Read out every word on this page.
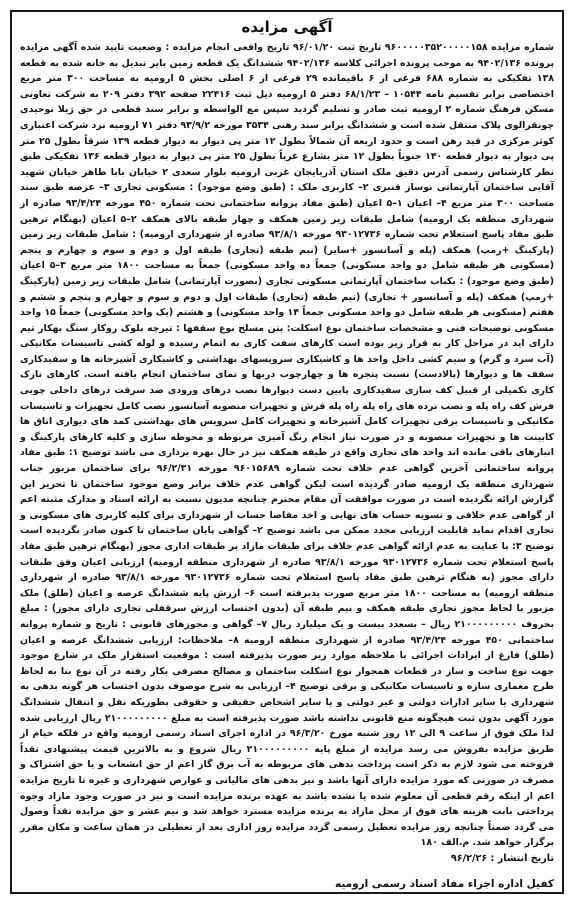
آگهی مزایده

شماره مزایده ۹۶۰۰۰۰۰۳۵۲۰۰۰۰۰۱۵۸ تاریخ ثبت ۹۶/۰۱/۲۰ تاریخ واقعی انجام مزایده : وضعیت تایید شده آگهی مزایده پرونده ۹۴۰۲/۱۳۶ به موجب پرونده اجرائی کلاسه ۹۴۰۲/۱۳۶ ششدانگ یک قطعه زمین بایر تبدیل به خانه شده به قطعه ۱۳۸ تفکیکی به شماره ۶۸۸ فرعی از ۶ باقیمانده ۲۹ فرعی از ۶ اصلی بخش ۵ ارومیه به مساحت ۳۰۰ متر مربع اختصاصی برابر تقسیم نامه ۱۰۵۴۴ – ۶۸/۱/۲۳ دفتر ۵ ارومیه ذیل ثبت ۲۲۴۱۶ صفحه ۳۹۲ دفتر ۲۰۹ به شرکت تعاونی مسکن فرهنگ شماره ۲ ارومیه ثبت صادر و تسلیم گردید سپس مع الواسطه و برابر سند قطعی در حق ژیلا توحیدی چونقرالوی پلاک منتقل شده است و ششدانگ برابر سند رهنی ۳۵۳۴ مورخه ۹۳/۹/۲ دفتر ۷۱ ارومیه نزد شرکت اعتباری کوثر مرکزی در قید رهن است و حدود اربعه آن شمالاً بطول ۱۲ متر پی دیوار به دیوار قطعه ۱۳۹ شرقاً بطول ۲۵ متر پی دیوار به دیوار قطعه ۱۴۰ جنوباً بطول ۱۲ متر بشارع غرباً بطول ۲۵ متر پی دیوار به دیوار قطعه ۱۳۶ تفکیکی طبق نظر کارشناس رسمی آدرس دقیق ملک استان آذربایجان غربی ارومیه بلوار سعدی ۲ خیابان بابا طاهر خیابان شهید آقایی ساختمان آپارتمانی نوساز قنبری ۲– کاربری ملک : (طبق وضع موجود) : مسکونی تجاری ۳– عرصه طبق سند مساحت ۳۰۰ متر مربع ۴– اعیان ۱–۵ اعیان (طبق مفاد پروانه ساختمانی تحت شماره ۴۵۰ مورخه ۹۳/۴/۲۴ صادره از شهرداری منطقه یک ارومیه) شامل طبقات زیر زمین همکف و چهار طبقه بالای همکف ۲–۵ اعیان (بهنگام ترهین طبق مفاد پاسخ استعلام تحت شماره ۹۳۰۱۲۷۳۶ مورخه ۹۳/۸/۱ صادره از شهرداری ارومیه) : شامل طبقات زیر زمین (پارکینگ +رمپ) همکف (پله و آسانسور +سایر) (نیم طبقه (تجاری) طبقه اول و دوم و سوم و چهارم و پنجم (مسکونی هر طبقه شامل دو واحد مسکونی) جمعاً ده واحد مسکونی) جمعاً به مساحت ۱۸۰۰ متر مربع ۳–۵ اعیان (طبق وضع موجود) : یکباب ساختمان آپارتمانی مسکونی تجاری (بصورت آپارتمانی) شامل طبقات زیر زمین (پارکینگ +رمپ) همکف (پله و آسانسور + تجاری) (نیم طبقه (تجاری) طبقات اول و دوم و سوم و چهارم و پنجم و ششم و هفتم (مسکونی هر طبقه شامل دو واحد مسکونی جمعاً ۱۴ واحد مسکونی) و هشتم (یک واحد مسکونی) جمعاً ۱۵ واحد مسکونی توضیحات فنی و مشخصات ساختمان نوع اسکلت: بتن مسلح نوع سقفها : تیرچه بلوک روکار سنگ بهکار تیم دارای اید در مراحل کار به قرار زیر بوده است کارهای سفت کاری به اتمام رسیده و لوله کشی تاسیسات مکانیکی (آب سرد و گرم) و سیم کشی داخل واحد ها و کاشیکاری سرویسهای بهداشتی و کاشیکاری آشپزخانه ها و سفیدکاری سقف ها و دیوارها (بالادست) نسبت پنجره ها و چهارچوب دربها و نمای ساختمان انجام یافته است. کارهای نازک کاری تکمیلی از قبیل کف سازی سفیدکاری پایین دست دیوارها نصب درهای ورودی ضد سرقت درهای داخلی چوبی فرش کف راه پله و نصب نرده های راه پله راه پله فرش و تجهیزات منصوبه آسانسور نصب کامل تجهیزات و تاسیسات مکانیکی و تاسیسات برقی تجهیزات کامل آشپزخانه و تجهیزات کامل سرویس های بهداشتی کمد های دیواری اتاق ها کابینت ها و تجهیزات منصوبه و در صورت نیاز انجام رنگ آمیزی مربوطه و محوطه سازی و کلیه کارهای پارکینگ و انبارهای باقی مانده اند واحد های تجاری واقع در طبقه همکف نیز در حال بهره برداری می باشد توضیح ۱: طبق مفاد پروانه ساختمانی آخرین گواهی عدم خلاف تحت شماره ۹۶۰۱۵۶۸۹ مورخه ۹۶/۲/۳۱ برای ساختمان مزبور جناب شهرداری منطقه یک ارومیه صادر گردیده است لیکن گواهی عدم خلاف برابر وضع موجود ساختمان تا تحریر این گزارش ارائه نگردیده است در صورت موافقت آن مقام محترم چنانچه مدیون نسبت به ارائه اسناد و مدارک مثبته اعم از گواهی عدم خلافی و تسویه حساب های نهایی و اخذ مفاصا حساب از شهرداری برای کلیه کاربری های مسکونی و تجاری اقدام نماید قابلیت ارزیابی مجدد ممکن می باشد توضیح ۲– گواهی پایان ساختمان تا کنون صادر نگردیده است توضیح ۳: با عنایت به عدم ارائه گواهی عدم خلاف برای طبقات مازاد بر طبقات اداری مجوز (بهنگام ترهین طبق مفاد پاسخ استعلام تحت شماره ۹۳۰۱۲۷۳۶ مورخه ۹۳/۸/۱ صادره از شهرداری منطقه ارومیه) ارزیابی اعیان وفق طبقات دارای مجوز (به هنگام ترهین طبق مفاد پاسخ استعلام تحت شماره ۹۳۰۱۲۷۳۶ مورخه ۹۳/۸/۱ صادره از شهرداری منطقه ارومیه) به مساحت ۱۸۰۰ متر مربع صورت پذیرفته است ۶– ارزش پایه ششدانگ عرصه و اعیان (طلق) ملک مزبور با لحاظ مجوز تجاری طبقه همکف و نیم طبقه آن (بدون احتساب ارزش سرقفلی تجاری دارای مجوز) : مبلغ بحروف ۲۱۰۰۰۰۰۰۰۰۰ ریال – بسعدد بیست و یک میلیارد ریال ۷– گواهی و مجوزهای قانونی : تاریخ و شماره پروانه ساختمانی ۴۵۰ مورخه ۹۳/۴/۲۴ صادره از شهرداری منطقه ارومیه ۸– ملاحظات: ارزیابی ششدانگ عرصه و اعیان (طلق) فارغ از ایرادات اجرائی با ملاحظه موارد زیر صورت پذیرفته است : موقعیت استقرار ملک در شارع موجود جهت نوع ساخت و ساز در قطعات همجوار نوع اسکلت ساختمان و مصالح مصرفی بکار رفته در آن نوع بنا به لحاظ طرح معماری سازه و تاسیسات مکانیکی و برقی توضیح ۴– ارزیابی به شرح موصوف بدون احتساب هر گونه بدهی به شهرداری یا سایر ادارات دولتی و غیر دولتی و یا سایر اشخاص حقیقی و حقوقی بطوریکه نقل و انتقال ششدانگ مورد آگهی بدون ثبت هیچگونه منع قانونی نداشته باشد صورت پذیرفته است به مبلغ ۲۱۰۰۰۰۰۰۰۰۰ ریال ارزیابی شده لذا ملک فوق از ساعت ۹ الی ۱۲ روز شنبه مورخ ۹۶/۳/۲۰ در اداره اجرای اسناد رسمی ارومیه واقع در فلکه خیام از طریق مزایده بفروش می رسد مزایده از مبلغ پایه ۲۱۰۰۰۰۰۰۰۰۰ ریال شروع و به بالاترین قیمت پیشنهادی نقداً فروخته می شود لازم به ذکر است پرداخت بدهی های مربوطه به آب برق گاز اعم از حق انشعاب و یا حق اشتراک و مصرف در صورتی که مورد مزایده دارای آنها باشد و نیز بدهی های مالیاتی و عوارض شهرداری و غیره تا تاریخ مزایده اعم از اینکه رقم قطعی آن معلوم شده یا نشده باشد به عهده برنده مزایده است و نیز در صورت وجود مازاد وجوه پرداختی بابت هزینه های فوق از محل مازاد به برنده مزایده مسترد خواهد شد و نیم عشر و حق مزایده نقداً وصول می گردد ضمناً چنانچه روز مزایده تعطیل رسمی گردد مزایده روز اداری بعد از تعطیلی در همان ساعت و مکان مقرر برگزار خواهد شد. م.الف ۱۸۰

تاریخ انتشار : ۹۶/۲/۲۶
کفیل اداره اجراء مفاد اسناد رسمی ارومیه
